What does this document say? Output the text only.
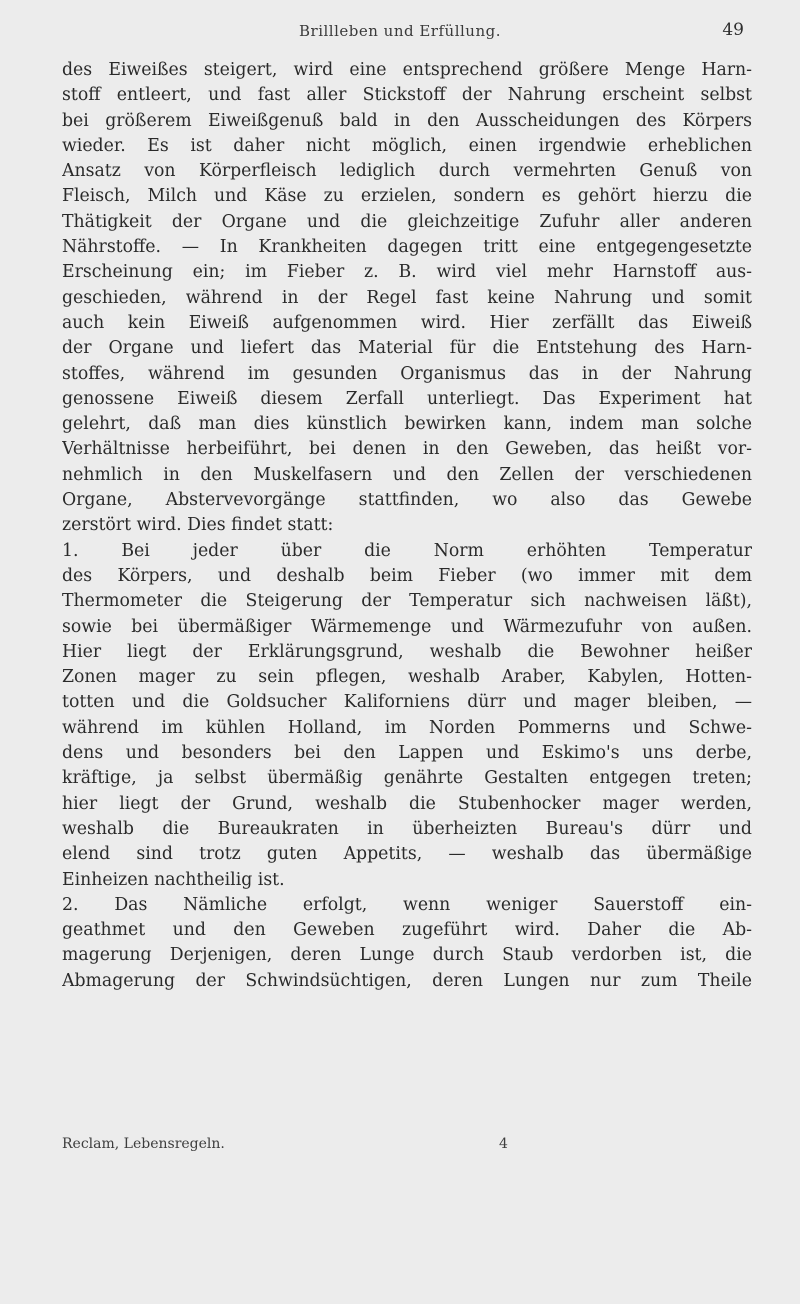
Brillleben und Erfüllung.	49
des Eiweißes steigert, wird eine entsprechend größere Menge Harn-
stoff entleert, und fast aller Stickstoff der Nahrung erscheint selbst
bei größerem Eiweißgenuß bald in den Ausscheidungen des Körpers
wieder. Es ist daher nicht möglich, einen irgendwie erheblichen
Ansatz von Körperfleisch lediglich durch vermehrten Genuß von
Fleisch, Milch und Käse zu erzielen, sondern es gehört hierzu die
Thätigkeit der Organe und die gleichzeitige Zufuhr aller anderen
Nährstoffe. — In Krankheiten dagegen tritt eine entgegengesetzte
Erscheinung ein; im Fieber z. B. wird viel mehr Harnstoff aus-
geschieden, während in der Regel fast keine Nahrung und somit
auch kein Eiweiß aufgenommen wird. Hier zerfällt das Eiweiß
der Organe und liefert das Material für die Entstehung des Harn-
stoffes, während im gesunden Organismus das in der Nahrung
genossene Eiweiß diesem Zerfall unterliegt. Das Experiment hat
gelehrt, daß man dies künstlich bewirken kann, indem man solche
Verhältnisse herbeiführt, bei denen in den Geweben, das heißt vor-
nehmlich in den Muskelfasern und den Zellen der verschiedenen
Organe, Abstervevorgänge stattfinden, wo also das Gewebe
zerstört wird. Dies findet statt:
1. Bei jeder über die Norm erhöhten Temperatur
des Körpers, und deshalb beim Fieber (wo immer mit dem
Thermometer die Steigerung der Temperatur sich nachweisen läßt),
sowie bei übermäßiger Wärmemenge und Wärmezufuhr von außen.
Hier liegt der Erklärungsgrund, weshalb die Bewohner heißer
Zonen mager zu sein pflegen, weshalb Araber, Kabylen, Hotten-
totten und die Goldsucher Kaliforniens dürr und mager bleiben, —
während im kühlen Holland, im Norden Pommerns und Schwe-
dens und besonders bei den Lappen und Eskimo's uns derbe,
kräftige, ja selbst übermäßig genährte Gestalten entgegen treten;
hier liegt der Grund, weshalb die Stubenhocker mager werden,
weshalb die Bureaukraten in überheizten Bureau's dürr und
elend sind trotz guten Appetits, — weshalb das übermäßige
Einheizen nachtheilig ist.
2. Das Nämliche erfolgt, wenn weniger Sauerstoff ein-
geathmet und den Geweben zugeführt wird. Daher die Ab-
magerung Derjenigen, deren Lunge durch Staub verdorben ist, die
Abmagerung der Schwindsüchtigen, deren Lungen nur zum Theile
Reclam, Lebensregeln.	4
